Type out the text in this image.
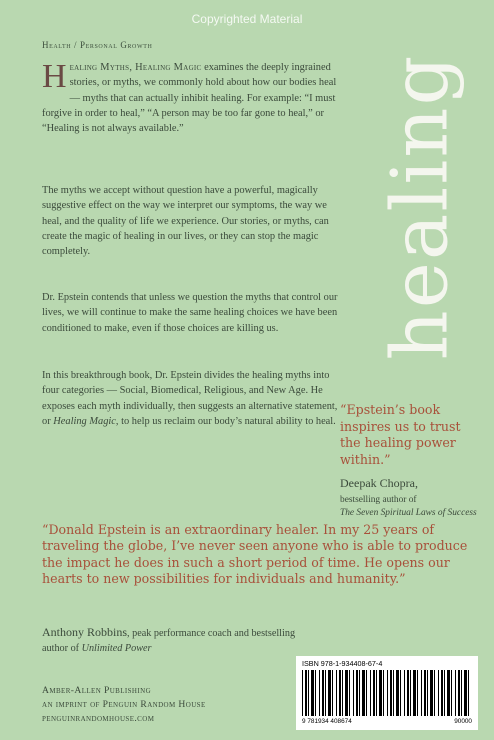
Copyrighted Material
Health / Personal Growth
healing
Healing Myths, Healing Magic examines the deeply ingrained stories, or myths, we commonly hold about how our bodies heal — myths that can actually inhibit healing. For example: “I must forgive in order to heal,” “A person may be too far gone to heal,” or “Healing is not always available.”
The myths we accept without question have a powerful, magically suggestive effect on the way we interpret our symptoms, the way we heal, and the quality of life we experience. Our stories, or myths, can create the magic of healing in our lives, or they can stop the magic completely.
Dr. Epstein contends that unless we question the myths that control our lives, we will continue to make the same healing choices we have been conditioned to make, even if those choices are killing us.
In this breakthrough book, Dr. Epstein divides the healing myths into four categories — Social, Biomedical, Religious, and New Age. He exposes each myth individually, then suggests an alternative statement, or Healing Magic, to help us reclaim our body’s natural ability to heal.
“Epstein’s book inspires us to trust the healing power within.”
Deepak Chopra,
bestselling author of
The Seven Spiritual Laws of Success
“Donald Epstein is an extraordinary healer. In my 25 years of traveling the globe, I’ve never seen anyone who is able to produce the impact he does in such a short period of time. He opens our hearts to new possibilities for individuals and humanity.”
Anthony Robbins, peak performance coach and bestselling author of Unlimited Power
Amber-Allen Publishing
an imprint of Penguin Random House
penguinrandomhouse.com
ISBN 978-1-934408-67-4
9 781934 408674	90000
